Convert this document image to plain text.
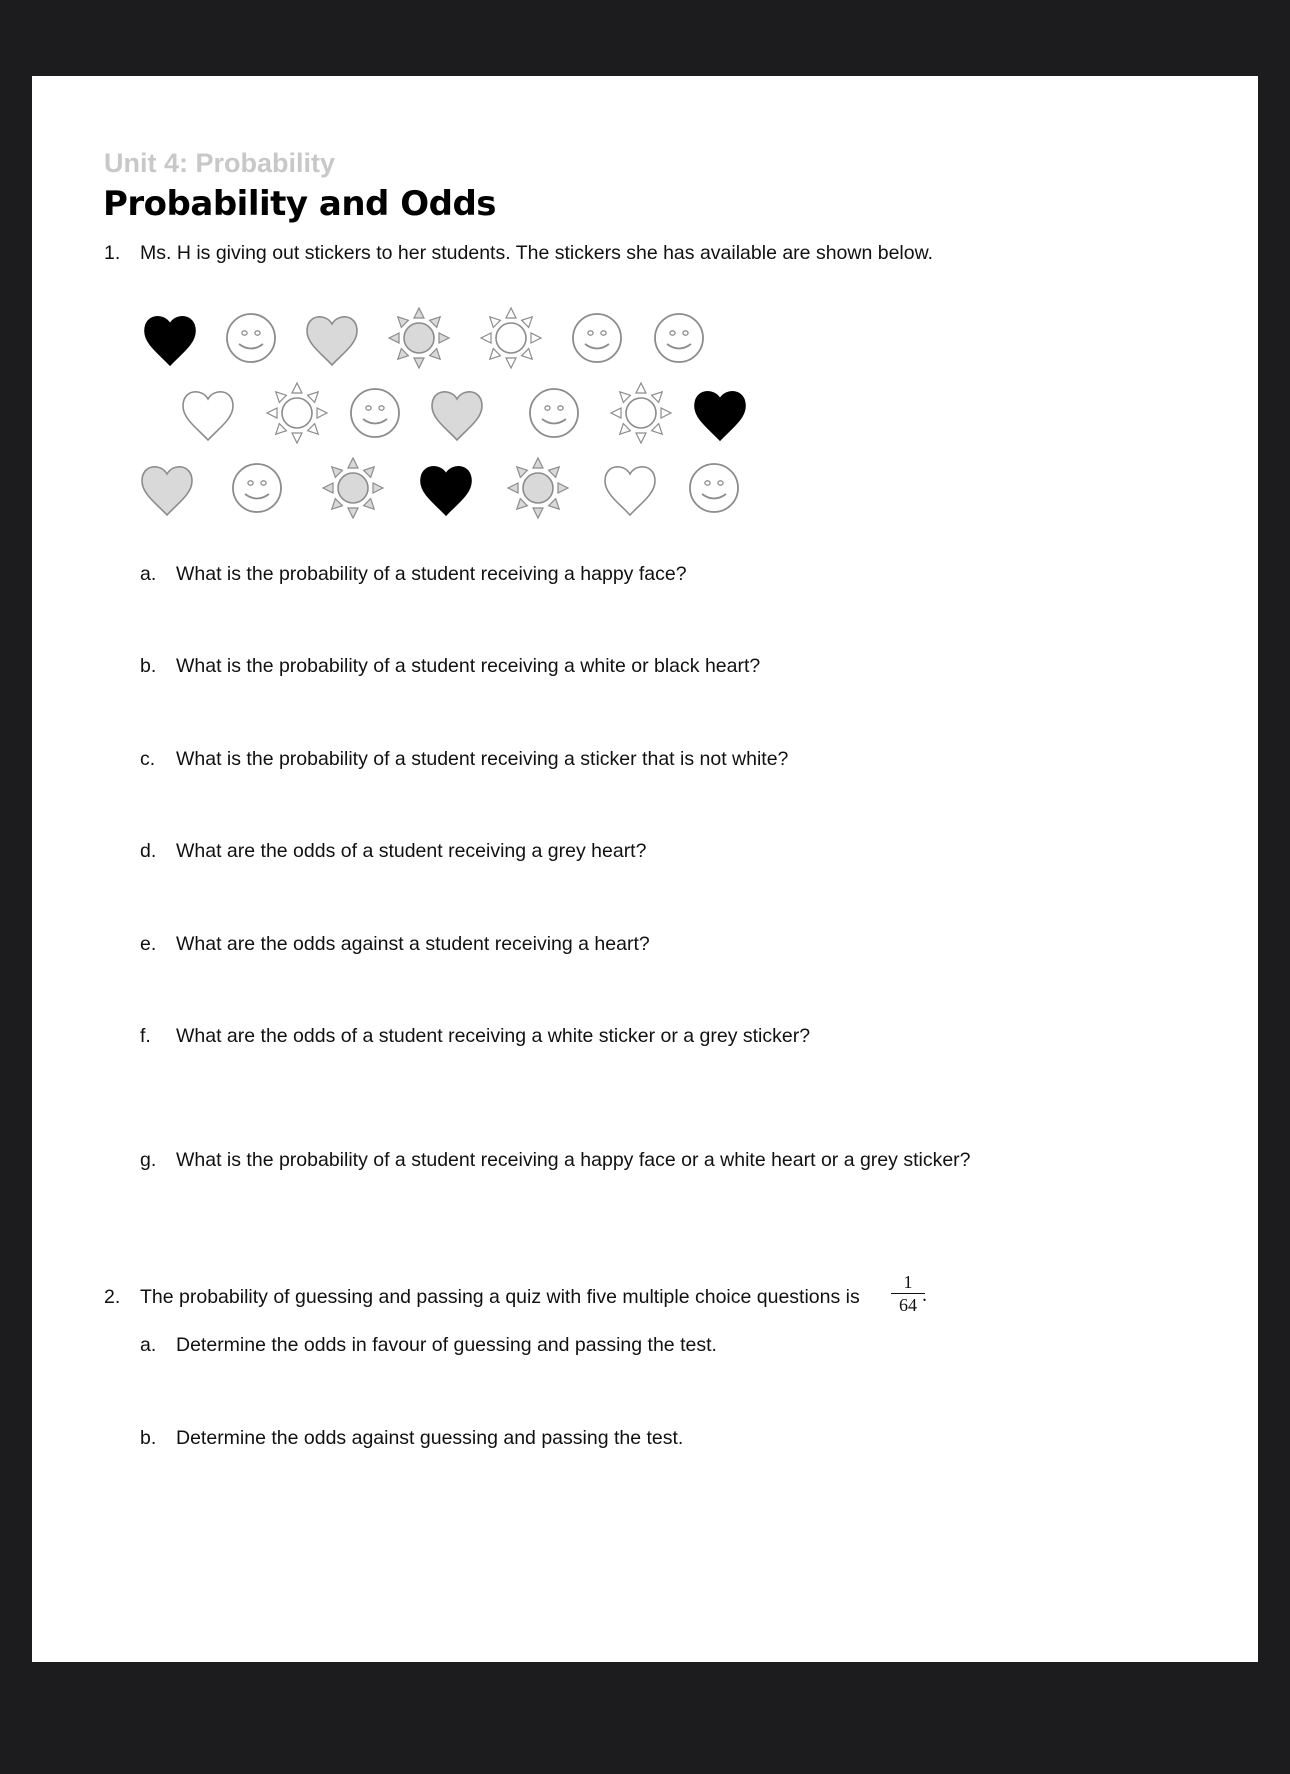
Unit 4: Probability
Probability and Odds
1. Ms. H is giving out stickers to her students. The stickers she has available are shown below.
a. What is the probability of a student receiving a happy face?
b. What is the probability of a student receiving a white or black heart?
c. What is the probability of a student receiving a sticker that is not white?
d. What are the odds of a student receiving a grey heart?
e. What are the odds against a student receiving a heart?
f. What are the odds of a student receiving a white sticker or a grey sticker?
g. What is the probability of a student receiving a happy face or a white heart or a grey sticker?
2. The probability of guessing and passing a quiz with five multiple choice questions is
1
64 .
a. Determine the odds in favour of guessing and passing the test.
b. Determine the odds against guessing and passing the test.
